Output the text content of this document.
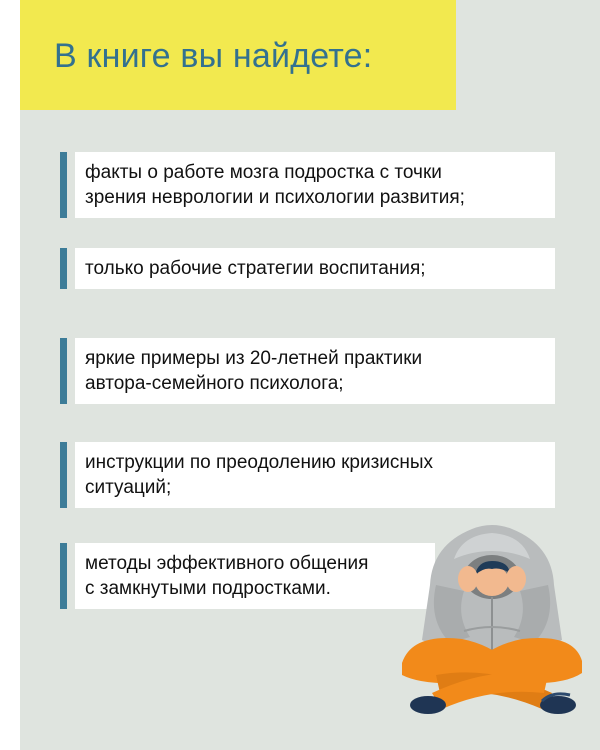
В книге вы найдете:
факты о работе мозга подростка с точки
зрения неврологии и психологии развития;
только рабочие стратегии воспитания;
яркие примеры из 20-летней практики
автора-семейного психолога;
инструкции по преодолению кризисных
ситуаций;
методы эффективного общения
с замкнутыми подростками.
